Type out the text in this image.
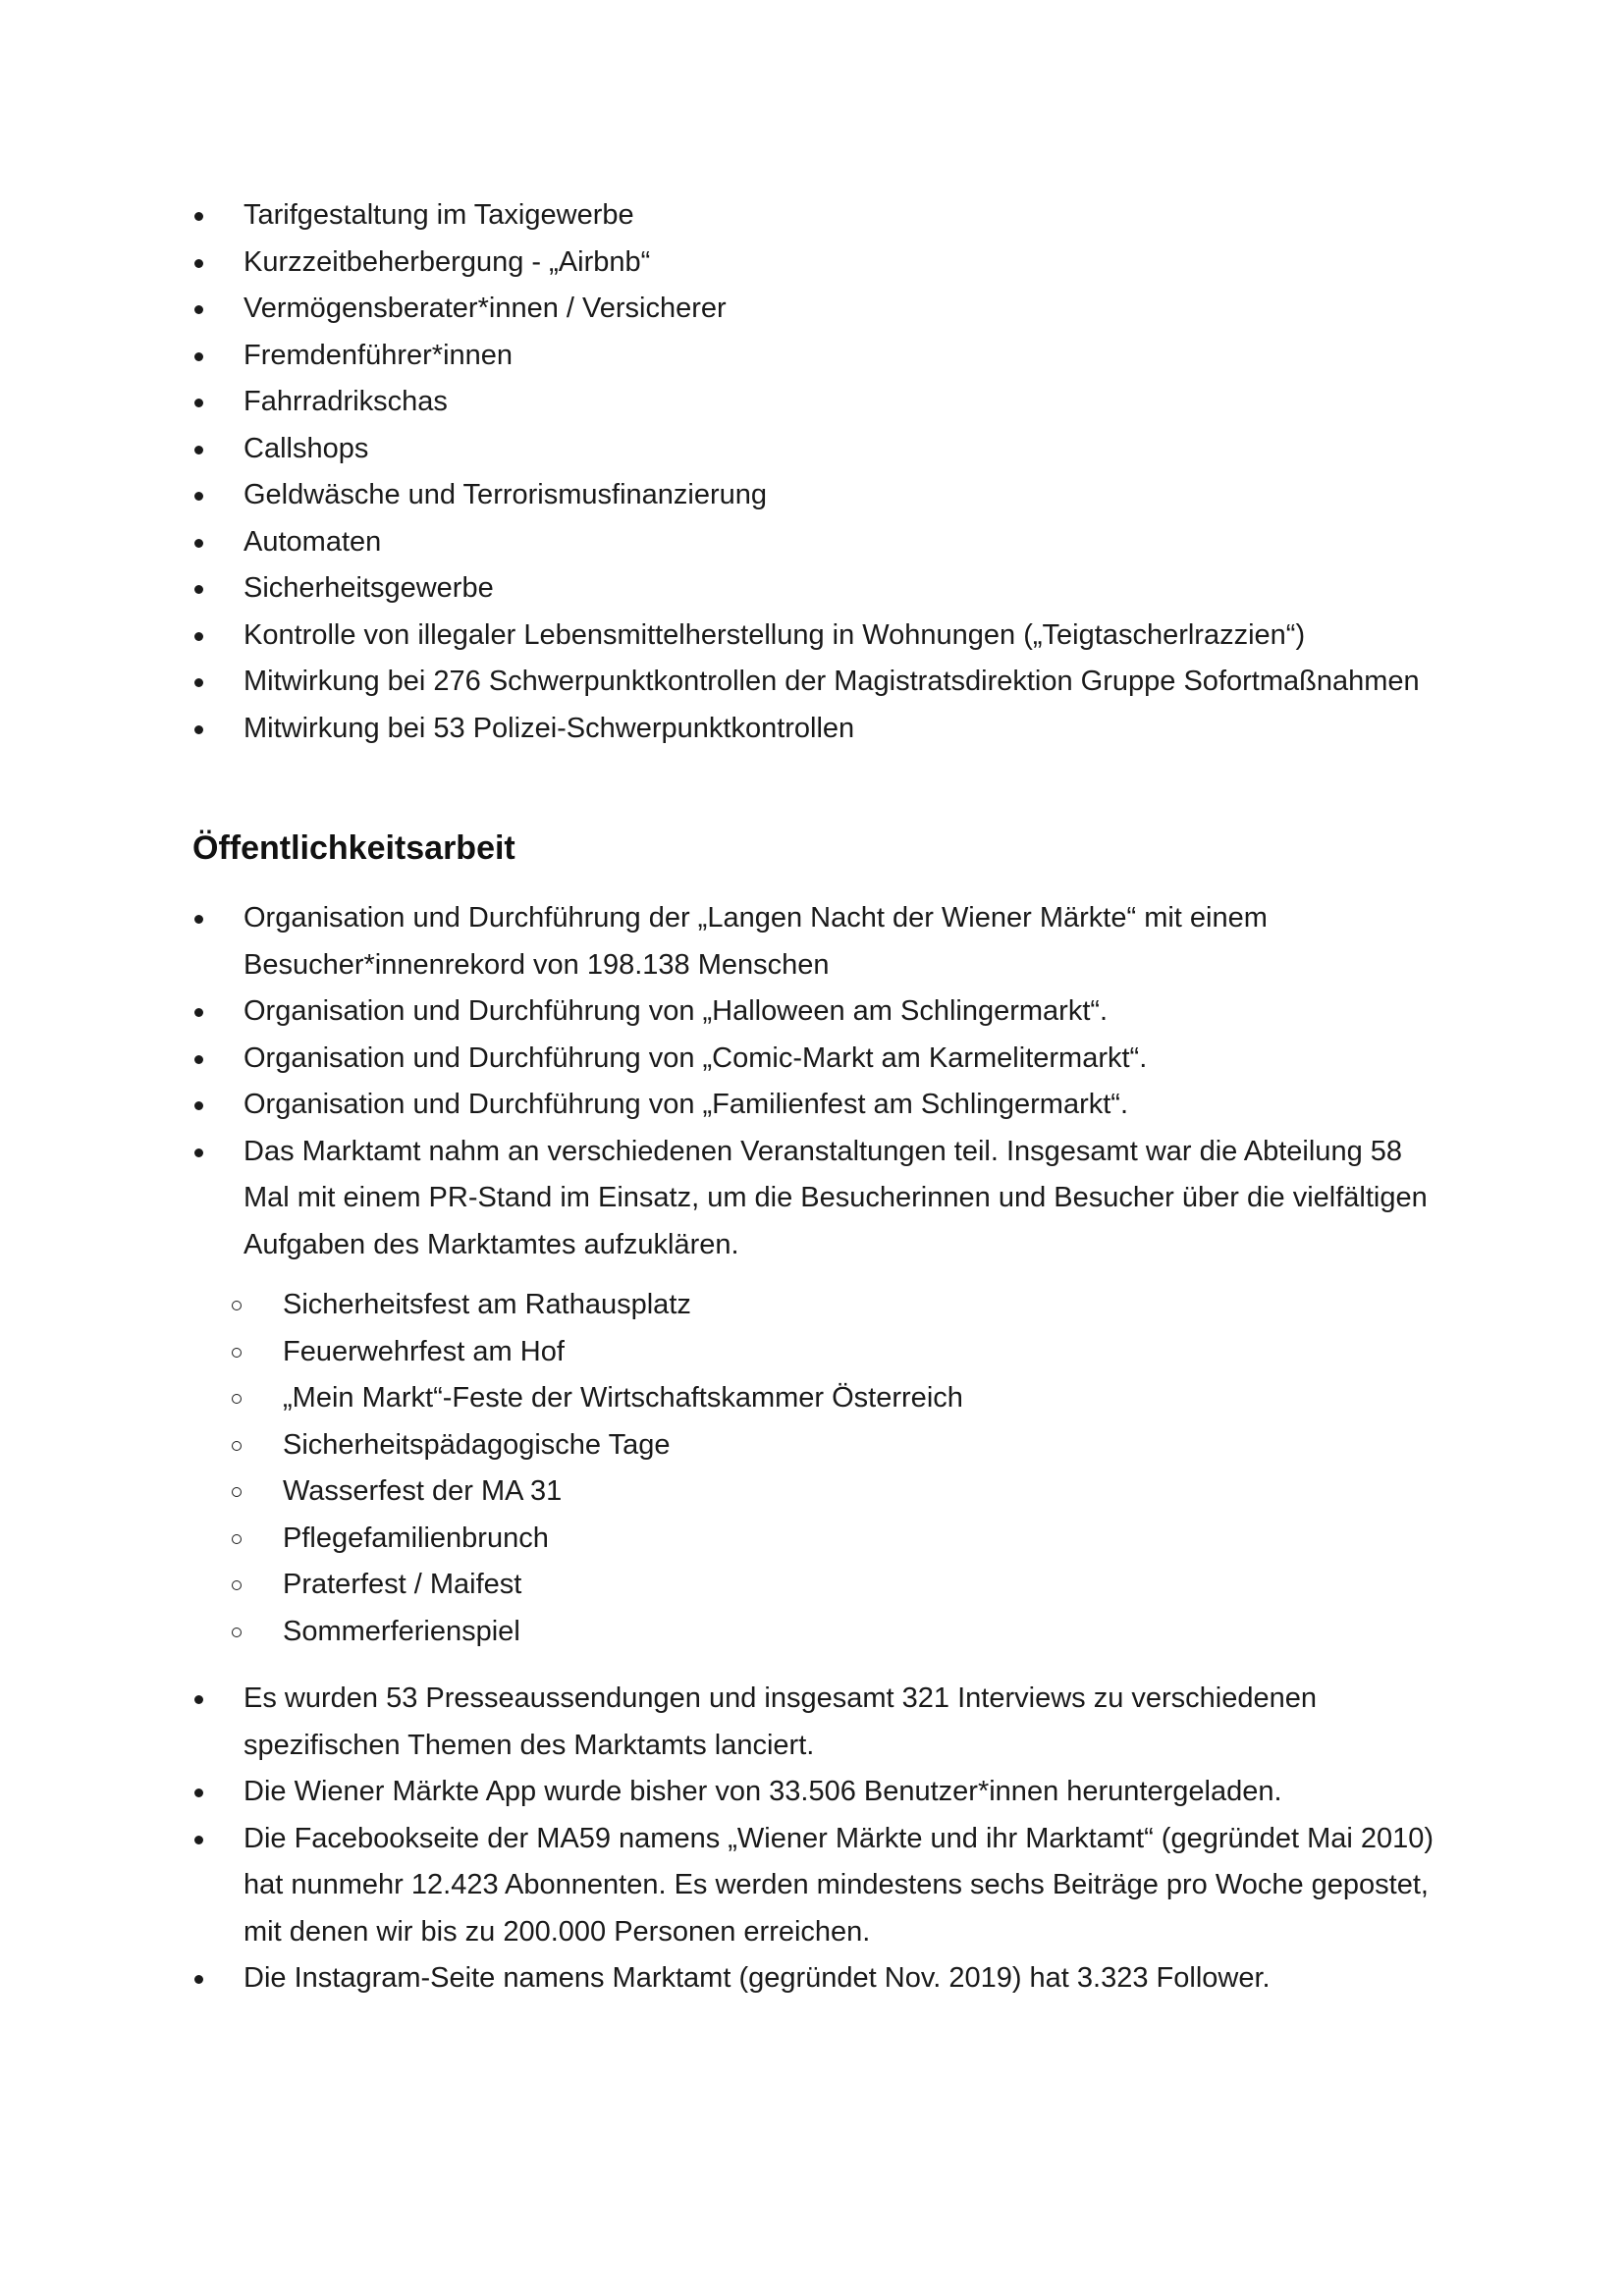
Tarifgestaltung im Taxigewerbe
Kurzzeitbeherbergung - „Airbnb“
Vermögensberater*innen / Versicherer
Fremdenführer*innen
Fahrradrikschas
Callshops
Geldwäsche und Terrorismusfinanzierung
Automaten
Sicherheitsgewerbe
Kontrolle von illegaler Lebensmittelherstellung in Wohnungen („Teigtascherlrazzien“)
Mitwirkung bei 276 Schwerpunktkontrollen der Magistratsdirektion Gruppe Sofortmaßnahmen
Mitwirkung bei 53 Polizei-Schwerpunktkontrollen
Öffentlichkeitsarbeit
Organisation und Durchführung der „Langen Nacht der Wiener Märkte“ mit einem Besucher*innenrekord von 198.138 Menschen
Organisation und Durchführung von „Halloween am Schlingermarkt“.
Organisation und Durchführung von „Comic-Markt am Karmelitermarkt“.
Organisation und Durchführung von „Familienfest am Schlingermarkt“.
Das Marktamt nahm an verschiedenen Veranstaltungen teil. Insgesamt war die Abteilung 58 Mal mit einem PR-Stand im Einsatz, um die Besucherinnen und Besucher über die vielfältigen Aufgaben des Marktamtes aufzuklären.
Sicherheitsfest am Rathausplatz
Feuerwehrfest am Hof
„Mein Markt“-Feste der Wirtschaftskammer Österreich
Sicherheitspädagogische Tage
Wasserfest der MA 31
Pflegefamilienbrunch
Praterfest / Maifest
Sommerferienspiel
Es wurden 53 Presseaussendungen und insgesamt 321 Interviews zu verschiedenen spezifischen Themen des Marktamts lanciert.
Die Wiener Märkte App wurde bisher von 33.506 Benutzer*innen heruntergeladen.
Die Facebookseite der MA59 namens „Wiener Märkte und ihr Marktamt“ (gegründet Mai 2010) hat nunmehr 12.423 Abonnenten. Es werden mindestens sechs Beiträge pro Woche gepostet, mit denen wir bis zu 200.000 Personen erreichen.
Die Instagram-Seite namens Marktamt (gegründet Nov. 2019) hat 3.323 Follower.
